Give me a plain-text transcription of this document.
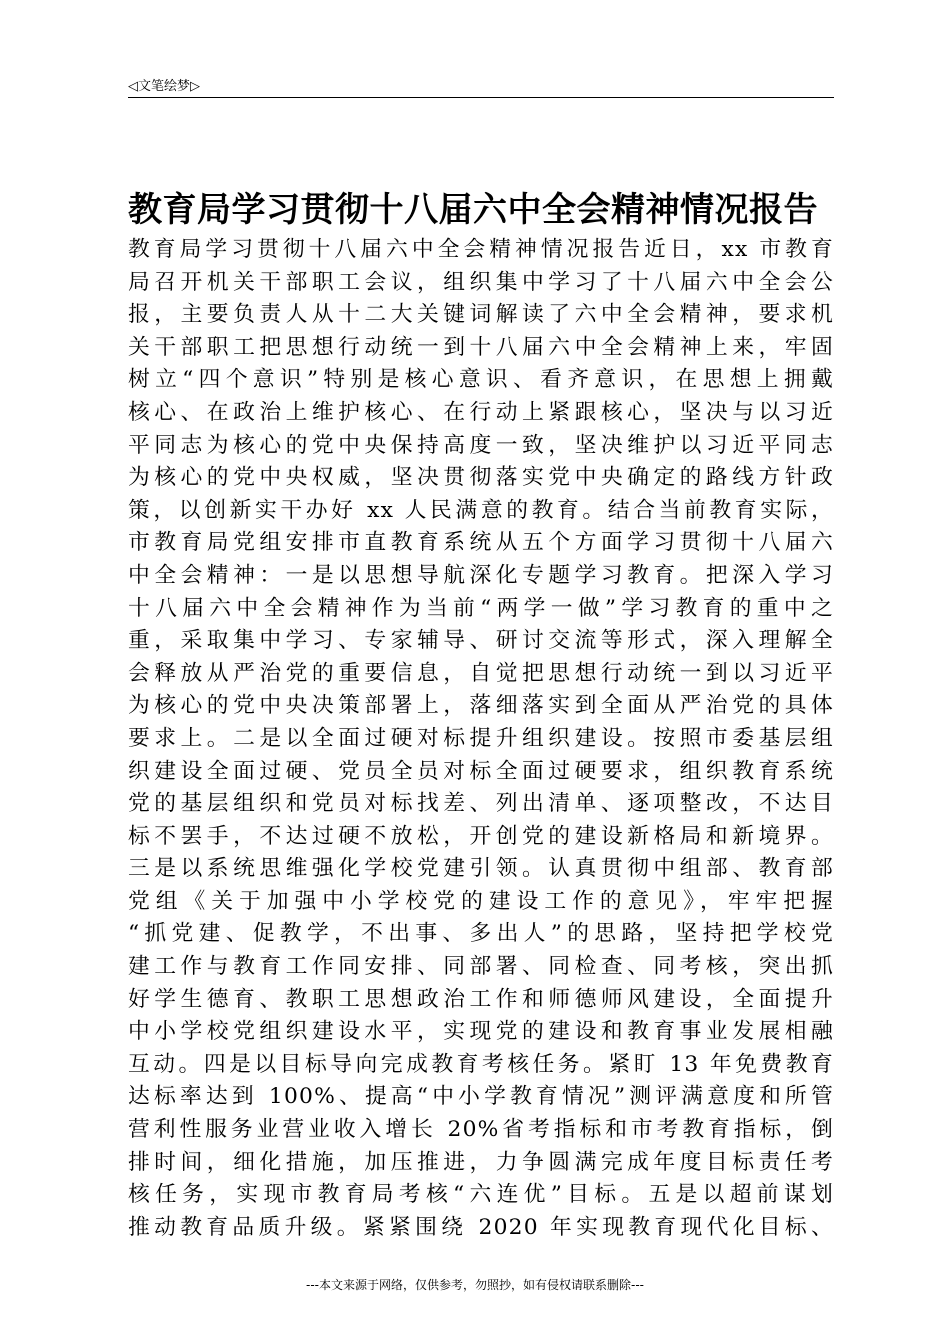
◁文笔绘梦▷
教育局学习贯彻十八届六中全会精神情况报告
教育局学习贯彻十八届六中全会精神情况报告近日，xx 市教育
局召开机关干部职工会议，组织集中学习了十八届六中全会公
报，主要负责人从十二大关键词解读了六中全会精神，要求机
关干部职工把思想行动统一到十八届六中全会精神上来，牢固
树立“四个意识”特别是核心意识、看齐意识，在思想上拥戴
核心、在政治上维护核心、在行动上紧跟核心，坚决与以习近
平同志为核心的党中央保持高度一致，坚决维护以习近平同志
为核心的党中央权威，坚决贯彻落实党中央确定的路线方针政
策，以创新实干办好 xx 人民满意的教育。结合当前教育实际，
市教育局党组安排市直教育系统从五个方面学习贯彻十八届六
中全会精神：一是以思想导航深化专题学习教育。把深入学习
十八届六中全会精神作为当前“两学一做”学习教育的重中之
重，采取集中学习、专家辅导、研讨交流等形式，深入理解全
会释放从严治党的重要信息，自觉把思想行动统一到以习近平
为核心的党中央决策部署上，落细落实到全面从严治党的具体
要求上。二是以全面过硬对标提升组织建设。按照市委基层组
织建设全面过硬、党员全员对标全面过硬要求，组织教育系统
党的基层组织和党员对标找差、列出清单、逐项整改，不达目
标不罢手，不达过硬不放松，开创党的建设新格局和新境界。
三是以系统思维强化学校党建引领。认真贯彻中组部、教育部
党组《关于加强中小学校党的建设工作的意见》，牢牢把握
“抓党建、促教学，不出事、多出人”的思路，坚持把学校党
建工作与教育工作同安排、同部署、同检查、同考核，突出抓
好学生德育、教职工思想政治工作和师德师风建设，全面提升
中小学校党组织建设水平，实现党的建设和教育事业发展相融
互动。四是以目标导向完成教育考核任务。紧盯 13 年免费教育
达标率达到 100%、提高“中小学教育情况”测评满意度和所管
营利性服务业营业收入增长 20%省考指标和市考教育指标，倒
排时间，细化措施，加压推进，力争圆满完成年度目标责任考
核任务，实现市教育局考核“六连优”目标。五是以超前谋划
推动教育品质升级。紧紧围绕 2020 年实现教育现代化目标、
---本文来源于网络，仅供参考，勿照抄，如有侵权请联系删除---
